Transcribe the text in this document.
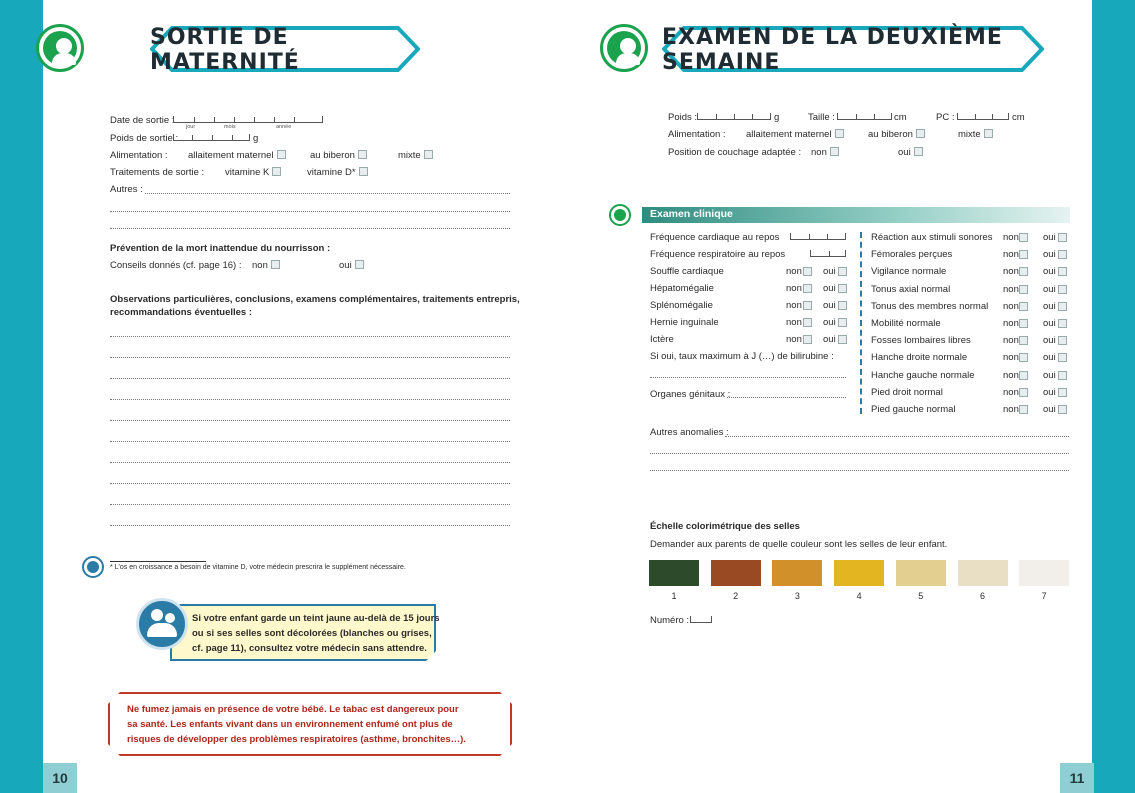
SORTIE DE MATERNITÉ
EXAMEN DE LA DEUXIÈME SEMAINE
Date de sortie :
jour	mois	année
Poids de sortie :	g
Alimentation : allaitement maternel	au biberon	mixte
Traitements de sortie : vitamine K	vitamine D*
Autres :
Prévention de la mort inattendue du nourrisson :
Conseils donnés (cf. page 16) : non	oui
Observations particulières, conclusions, examens complémentaires, traitements entrepris,
recommandations éventuelles :
* L'os en croissance a besoin de vitamine D, votre médecin prescrira le supplément nécessaire.
Si votre enfant garde un teint jaune au-delà de 15 jours
ou si ses selles sont décolorées (blanches ou grises,
cf. page 11), consultez votre médecin sans attendre.
Ne fumez jamais en présence de votre bébé. Le tabac est dangereux pour
sa santé. Les enfants vivant dans un environnement enfumé ont plus de
risques de développer des problèmes respiratoires (asthme, bronchites…).
10
Poids :	g	Taille :	cm	PC :	cm
Alimentation : allaitement maternel	au biberon	mixte
Position de couchage adaptée : non	oui
Examen clinique
Fréquence cardiaque au repos
Fréquence respiratoire au repos
Souffle cardiaque	non oui
Hépatomégalie	non oui
Splénomégalie	non oui
Hernie inguinale	non oui
Ictère	non oui
Si oui, taux maximum à J (…) de bilirubine :
Organes génitaux :
Réaction aux stimuli sonores non	oui
Fémorales perçues	non	oui
Vigilance normale	non	oui
Tonus axial normal	non	oui
Tonus des membres normal non	oui
Mobilité normale	non	oui
Fosses lombaires libres	non	oui
Hanche droite normale	non	oui
Hanche gauche normale	non	oui
Pied droit normal	non	oui
Pied gauche normal	non	oui
Autres anomalies :
Échelle colorimétrique des selles
Demander aux parents de quelle couleur sont les selles de leur enfant.
1	2	3	4	5	6	7
Numéro :
11
